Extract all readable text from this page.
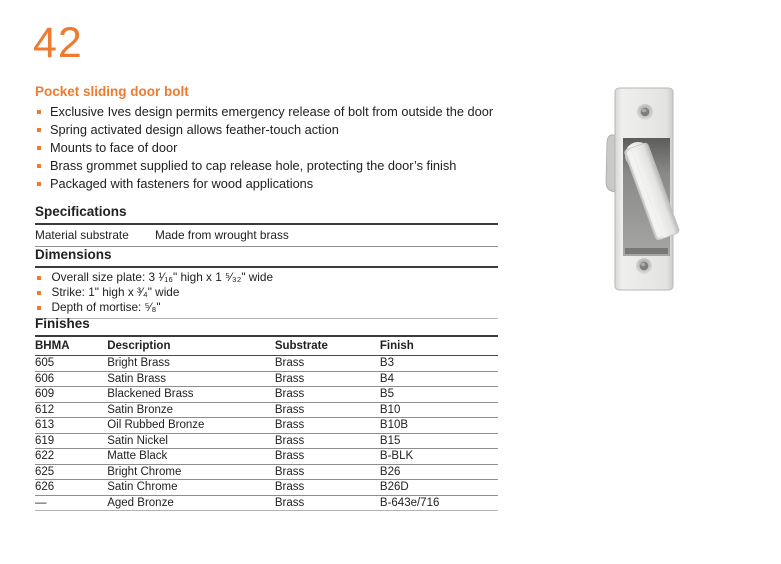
42
Pocket sliding door bolt
Exclusive Ives design permits emergency release of bolt from outside the door
Spring activated design allows feather-touch action
Mounts to face of door
Brass grommet supplied to cap release hole, protecting the door’s finish
Packaged with fasteners for wood applications
Specifications
Material substrate	Made from wrought brass
Dimensions
Overall size plate: 3 ¹⁄₁₆" high x 1 ⁵⁄₃₂" wide
Strike: 1" high x ³⁄₄" wide
Depth of mortise: ⁵⁄₈"
Finishes
BHMA	Description	Substrate	Finish
605	Bright Brass	Brass	B3
606	Satin Brass	Brass	B4
609	Blackened Brass	Brass	B5
612	Satin Bronze	Brass	B10
613	Oil Rubbed Bronze	Brass	B10B
619	Satin Nickel	Brass	B15
622	Matte Black	Brass	B-BLK
625	Bright Chrome	Brass	B26
626	Satin Chrome	Brass	B26D
—	Aged Bronze	Brass	B-643e/716
